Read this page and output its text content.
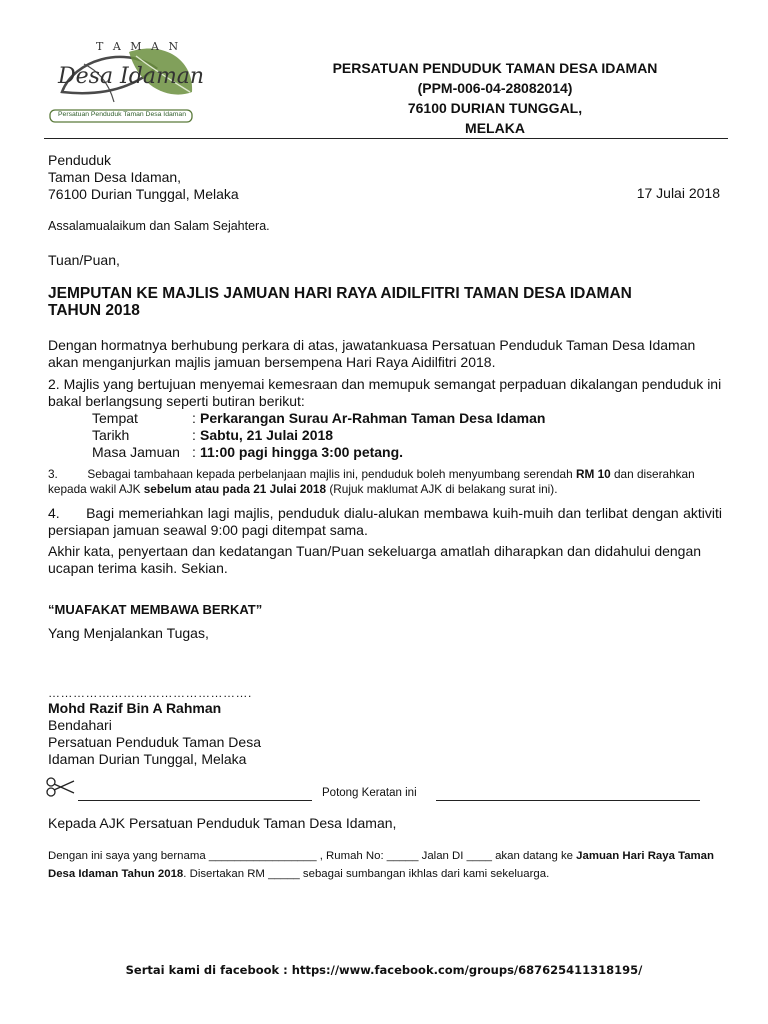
T A M A N
Desa Idaman
Persatuan Penduduk Taman Desa Idaman
PERSATUAN PENDUDUK TAMAN DESA IDAMAN
(PPM-006-04-28082014)
76100 DURIAN TUNGGAL,
MELAKA
Penduduk
Taman Desa Idaman,
76100 Durian Tunggal, Melaka	17 Julai 2018
Assalamualaikum dan Salam Sejahtera.
Tuan/Puan,
JEMPUTAN KE MAJLIS JAMUAN HARI RAYA AIDILFITRI TAMAN DESA IDAMAN TAHUN 2018
Dengan hormatnya berhubung perkara di atas, jawatankuasa Persatuan Penduduk Taman Desa Idaman akan menganjurkan majlis jamuan bersempena Hari Raya Aidilfitri 2018.
2. Majlis yang bertujuan menyemai kemesraan dan memupuk semangat perpaduan dikalangan penduduk ini bakal berlangsung seperti butiran berikut:
Tempat	: Perkarangan Surau Ar-Rahman Taman Desa Idaman
Tarikh	: Sabtu, 21 Julai 2018
Masa Jamuan : 11:00 pagi hingga 3:00 petang.
3.	Sebagai tambahaan kepada perbelanjaan majlis ini, penduduk boleh menyumbang serendah RM 10 dan diserahkan kepada wakil AJK sebelum atau pada 21 Julai 2018 (Rujuk maklumat AJK di belakang surat ini).
4.      Bagi memeriahkan lagi majlis, penduduk dialu-alukan membawa kuih-muih dan terlibat dengan aktiviti persiapan jamuan seawal 9:00 pagi ditempat sama.
Akhir kata, penyertaan dan kedatangan Tuan/Puan sekeluarga amatlah diharapkan dan didahului dengan ucapan terima kasih. Sekian.
“MUAFAKAT MEMBAWA BERKAT”
Yang Menjalankan Tugas,
………………………………………….
Mohd Razif Bin A Rahman
Bendahari
Persatuan Penduduk Taman Desa
Idaman Durian Tunggal, Melaka
Potong Keratan ini
Kepada AJK Persatuan Penduduk Taman Desa Idaman,
Dengan ini saya yang bernama _________________ , Rumah No: _____ Jalan DI ____ akan datang ke Jamuan Hari Raya Taman Desa Idaman Tahun 2018. Disertakan RM _____ sebagai sumbangan ikhlas dari kami sekeluarga.
Sertai kami di facebook : https://www.facebook.com/groups/687625411318195/
